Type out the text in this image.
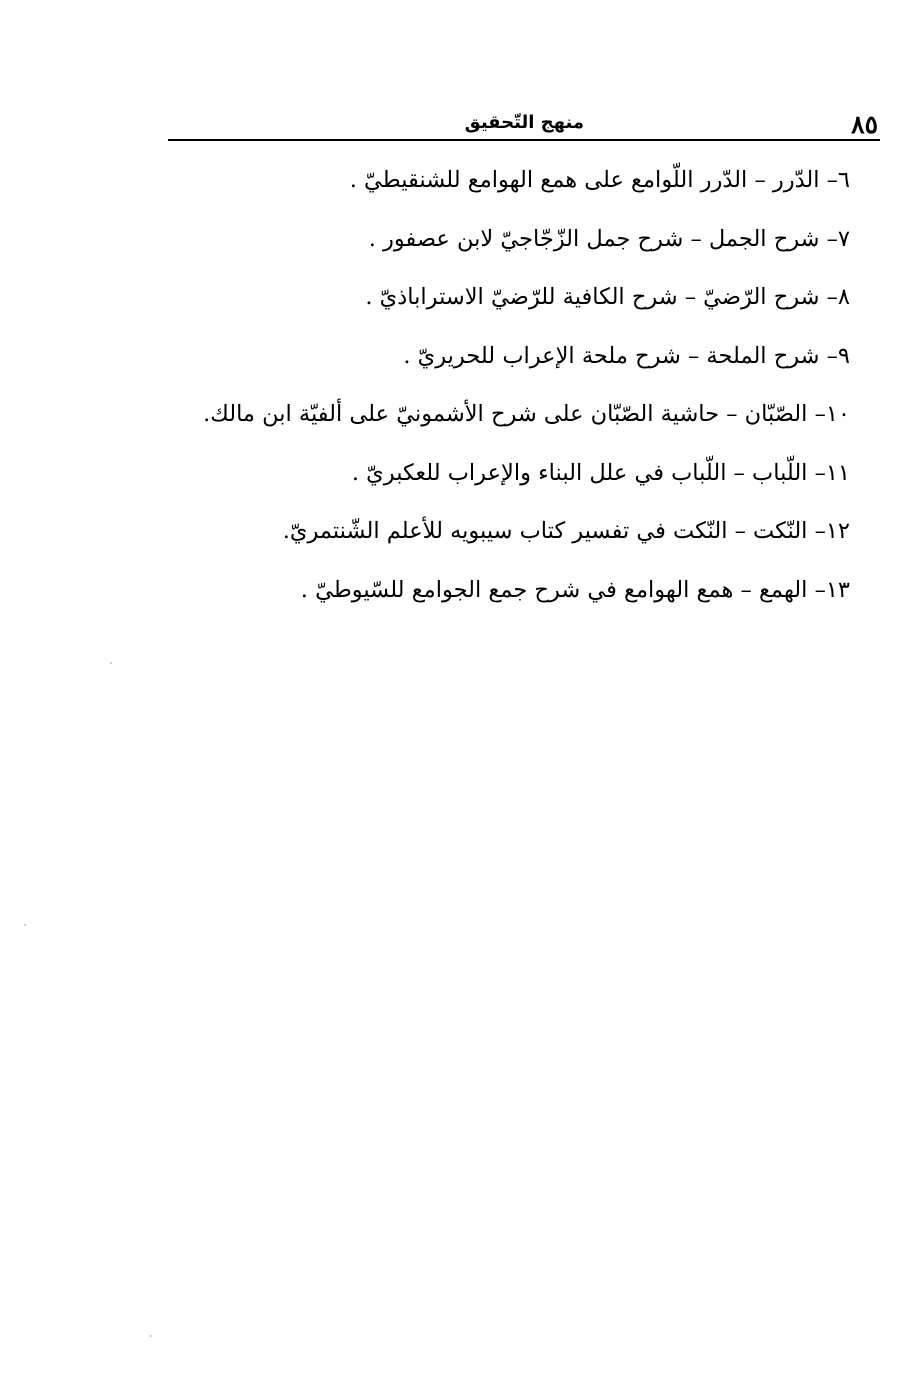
٨٥
منهج التّحقيق
٦– الدّرر – الدّرر اللّوامع على همع الهوامع للشنقيطيّ .
٧– شرح الجمل – شرح جمل الزّجّاجيّ لابن عصفور .
٨– شرح الرّضيّ – شرح الكافية للرّضيّ الاستراباذيّ .
٩– شرح الملحة – شرح ملحة الإعراب للحريريّ .
١٠– الصّبّان – حاشية الصّبّان على شرح الأشمونيّ على ألفيّة ابن مالك.
١١– اللّباب – اللّباب في علل البناء والإعراب للعكبريّ .
١٢– النّكت – النّكت في تفسير كتاب سيبويه للأعلم الشّنتمريّ.
١٣– الهمع – همع الهوامع في شرح جمع الجوامع للسّيوطيّ .
